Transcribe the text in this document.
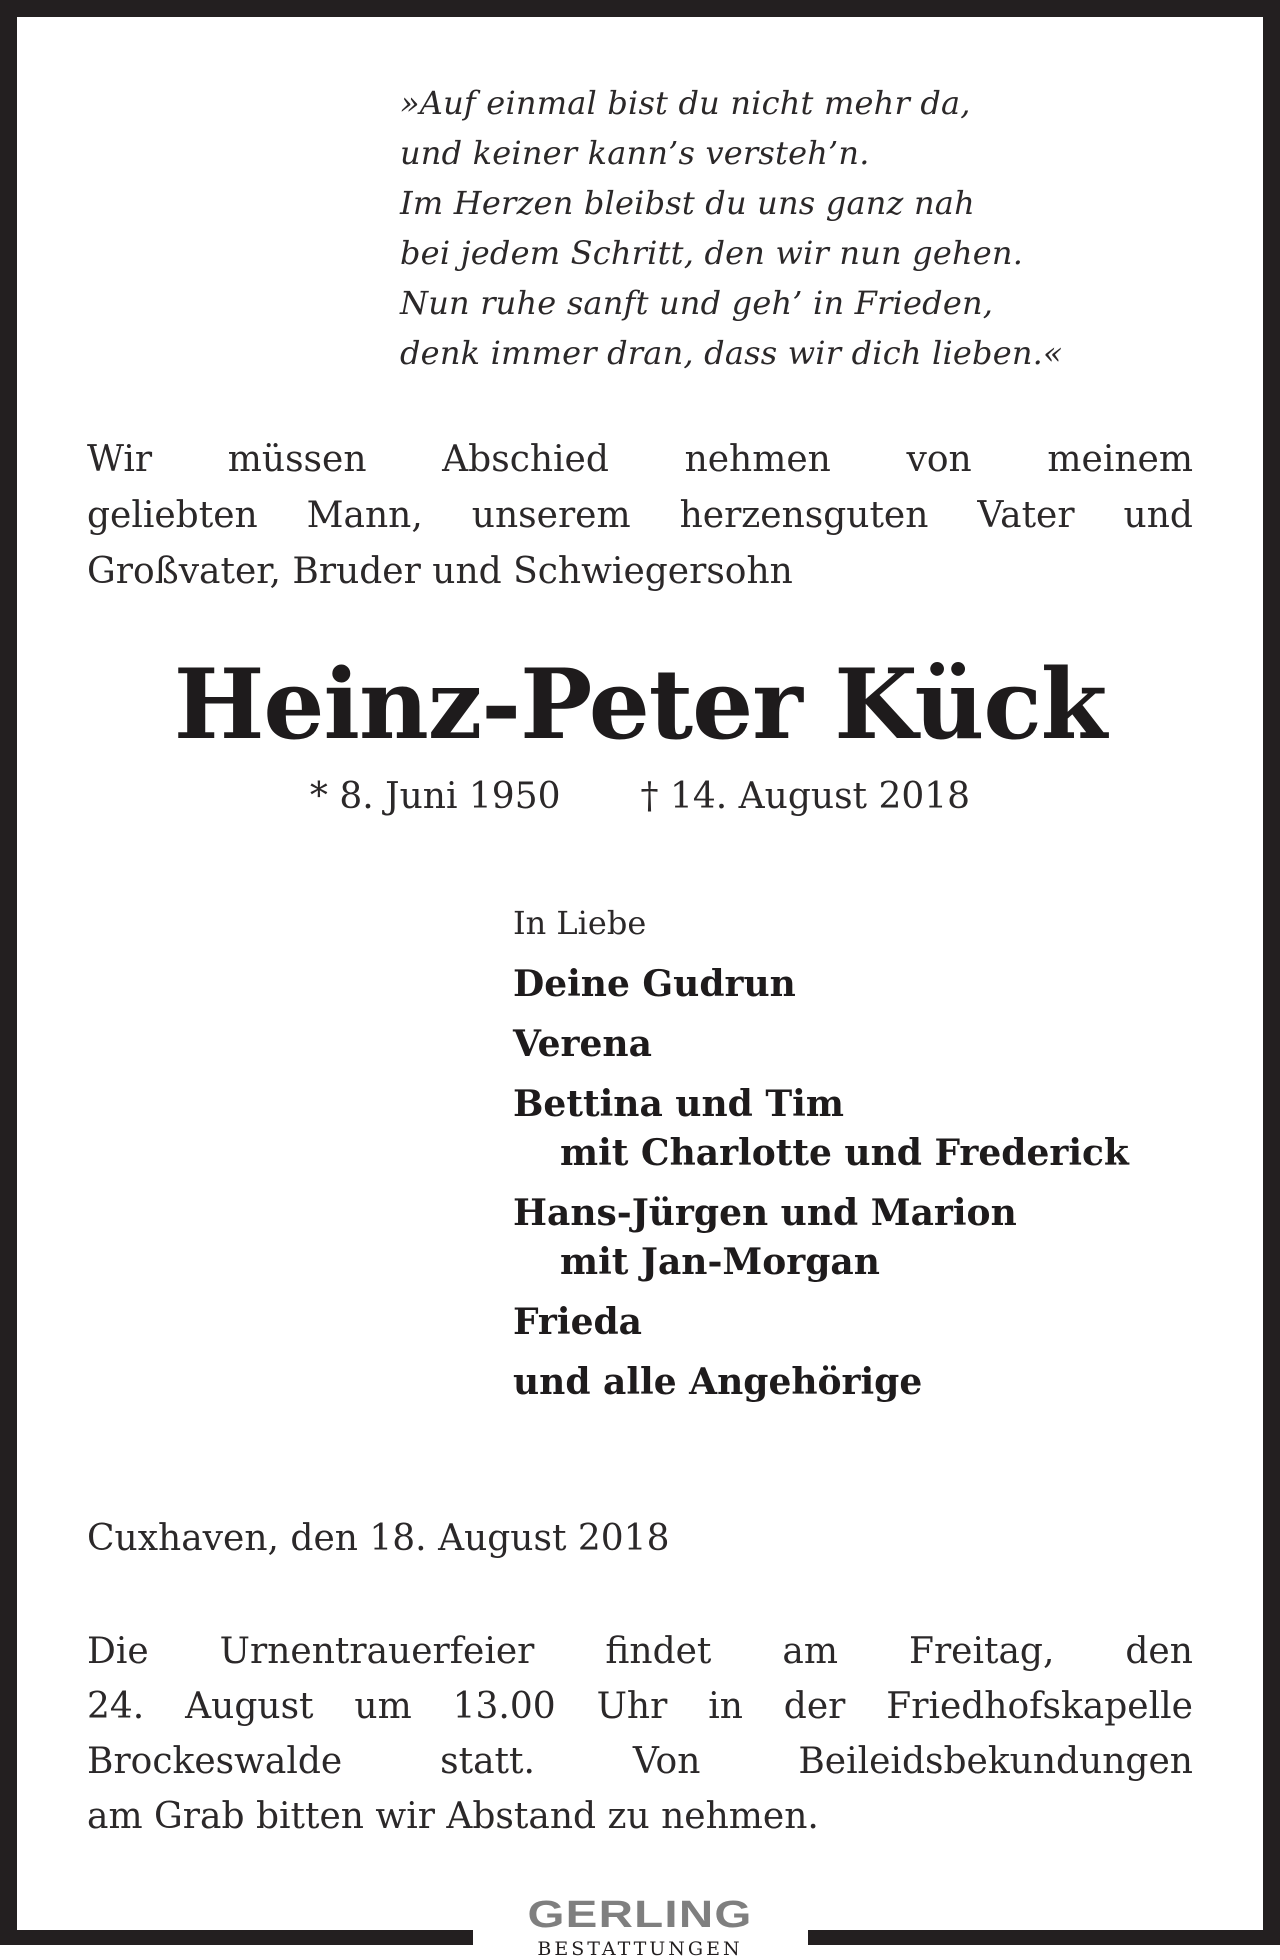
»Auf einmal bist du nicht mehr da,
und keiner kann’s versteh’n.
Im Herzen bleibst du uns ganz nah
bei jedem Schritt, den wir nun gehen.
Nun ruhe sanft und geh’ in Frieden,
denk immer dran, dass wir dich lieben.«
Wir müssen Abschied nehmen von meinem
geliebten Mann, unserem herzensguten Vater und
Großvater, Bruder und Schwiegersohn
Heinz-Peter Kück
* 8. Juni 1950 † 14. August 2018
In Liebe
Deine Gudrun
Verena
Bettina und Tim
mit Charlotte und Frederick
Hans-Jürgen und Marion
mit Jan-Morgan
Frieda
und alle Angehörige
Cuxhaven, den 18. August 2018
Die Urnentrauerfeier findet am Freitag, den
24. August um 13.00 Uhr in der Friedhofskapelle
Brockeswalde	statt.	Von	Beileidsbekundungen
am Grab bitten wir Abstand zu nehmen.
GERLING
BESTATTUNGEN
